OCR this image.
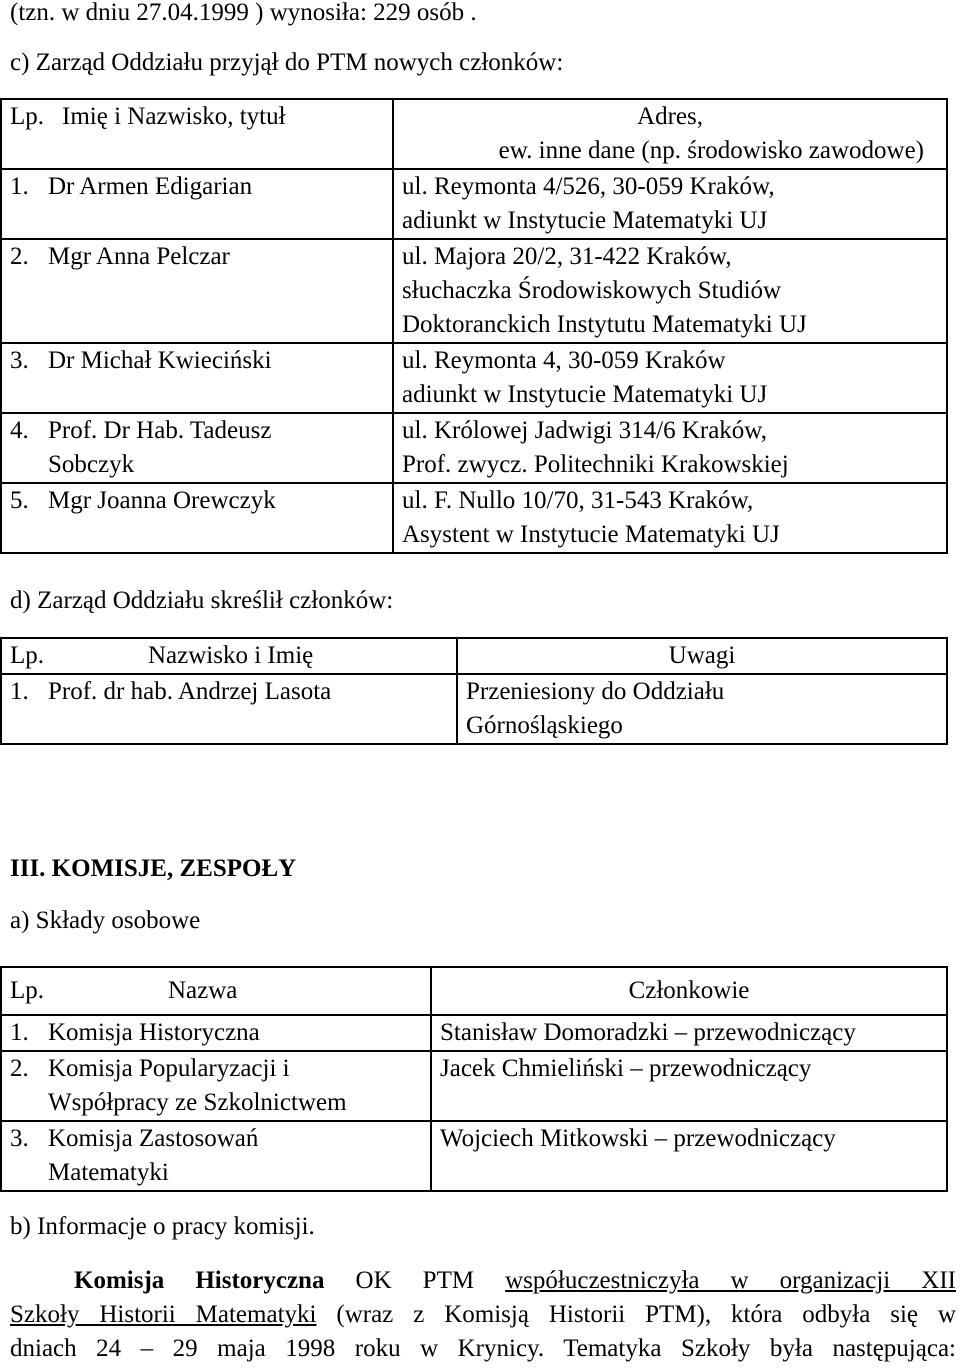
(tzn. w dniu 27.04.1999 ) wynosiła: 229 osób .
c) Zarząd Oddziału przyjął do PTM nowych członków:
Lp. Imię i Nazwisko, tytuł	Adres,
ew. inne dane (np. środowisko zawodowe)

1. Dr Armen Edigarian	ul. Reymonta 4/526, 30-059 Kraków,
adiunkt w Instytucie Matematyki UJ

2. Mgr Anna Pelczar	ul. Majora 20/2, 31-422 Kraków,
słuchaczka Środowiskowych Studiów
Doktoranckich Instytutu Matematyki UJ

3. Dr Michał Kwieciński	ul. Reymonta 4, 30-059 Kraków
adiunkt w Instytucie Matematyki UJ

4. Prof. Dr Hab. Tadeusz
Sobczyk	ul. Królowej Jadwigi 314/6 Kraków,
Prof. zwycz. Politechniki Krakowskiej

5. Mgr Joanna Orewczyk	ul. F. Nullo 10/70, 31-543 Kraków,
Asystent w Instytucie Matematyki UJ
d) Zarząd Oddziału skreślił członków:
Lp. Nazwisko i Imię	Uwagi
1. Prof. dr hab. Andrzej Lasota	Przeniesiony do Oddziału
Górnośląskiego
III. KOMISJE, ZESPOŁY
a) Składy osobowe
Lp. Nazwa	Członkowie
1. Komisja Historyczna	Stanisław Domoradzki – przewodniczący
2. Komisja Popularyzacji i
Współpracy ze Szkolnictwem	Jacek Chmieliński – przewodniczący
3. Komisja Zastosowań
Matematyki	Wojciech Mitkowski – przewodniczący
b) Informacje o pracy komisji.

Komisja Historyczna OK PTM współuczestniczyła w organizacji XII

Szkoły Historii Matematyki (wraz z Komisją Historii PTM), która odbyła się w

dniach 24 – 29 maja 1998 roku w Krynicy. Tematyka Szkoły była następująca:
